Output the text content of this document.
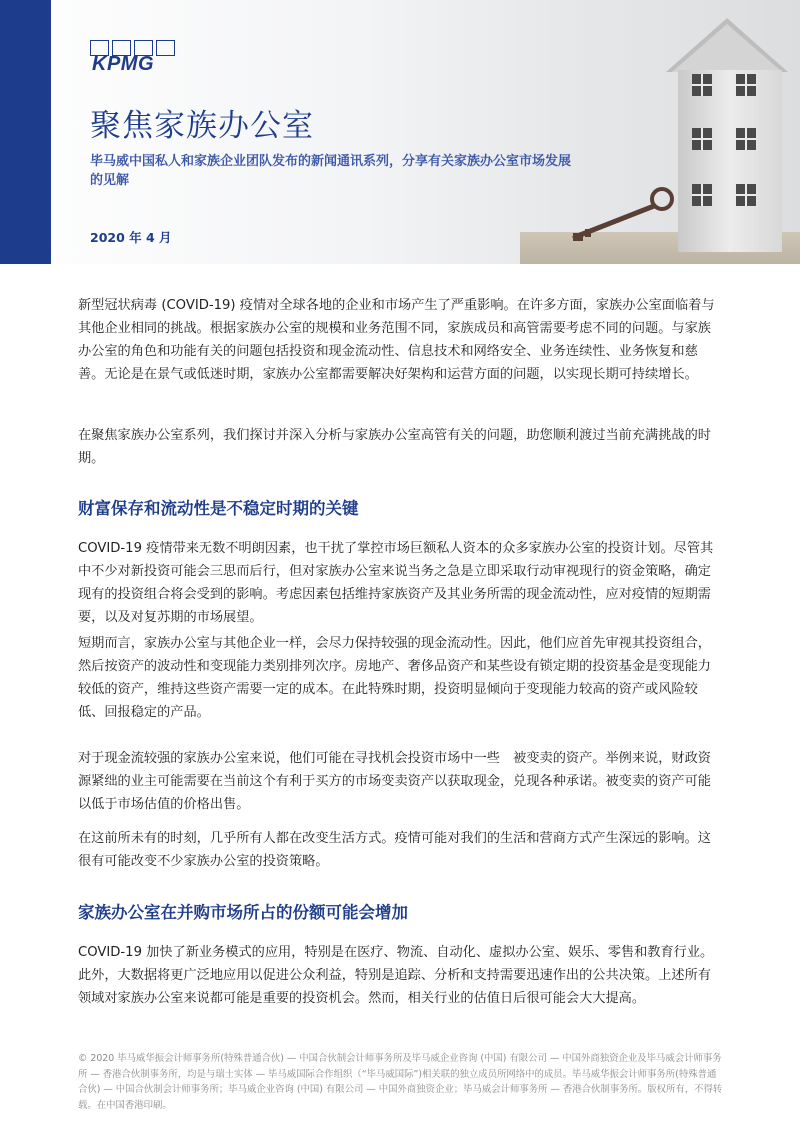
KPMG
聚焦家族办公室
毕马威中国私人和家族企业团队发布的新闻通讯系列，分享有关家族办公室市场发展的见解
2020 年 4 月

新型冠状病毒 (COVID-19) 疫情对全球各地的企业和市场产生了严重影响。在许多方面，家族办公室面临着与其他企业相同的挑战。根据家族办公室的规模和业务范围不同，家族成员和高管需要考虑不同的问题。与家族办公室的角色和功能有关的问题包括投资和现金流动性、信息技术和网络安全、业务连续性、业务恢复和慈善。无论是在景气或低迷时期，家族办公室都需要解决好架构和运营方面的问题，以实现长期可持续增长。

在聚焦家族办公室系列，我们探讨并深入分析与家族办公室高管有关的问题，助您顺利渡过当前充满挑战的时期。

财富保存和流动性是不稳定时期的关键

COVID-19 疫情带来无数不明朗因素，也干扰了掌控市场巨额私人资本的众多家族办公室的投资计划。尽管其中不少对新投资可能会三思而后行，但对家族办公室来说当务之急是立即采取行动审视现行的资金策略，确定现有的投资组合将会受到的影响。考虑因素包括维持家族资产及其业务所需的现金流动性，应对疫情的短期需要，以及对复苏期的市场展望。

短期而言，家族办公室与其他企业一样，会尽力保持较强的现金流动性。因此，他们应首先审视其投资组合，然后按资产的波动性和变现能力类别排列次序。房地产、奢侈品资产和某些设有锁定期的投资基金是变现能力较低的资产，维持这些资产需要一定的成本。在此特殊时期，投资明显倾向于变现能力较高的资产或风险较低、回报稳定的产品。

对于现金流较强的家族办公室来说，他们可能在寻找机会投资市场中一些　被变卖的资产。举例来说，财政资源紧绌的业主可能需要在当前这个有利于买方的市场变卖资产以获取现金，兑现各种承诺。被变卖的资产可能以低于市场估值的价格出售。

在这前所未有的时刻，几乎所有人都在改变生活方式。疫情可能对我们的生活和营商方式产生深远的影响。这很有可能改变不少家族办公室的投资策略。

家族办公室在并购市场所占的份额可能会增加

COVID-19 加快了新业务模式的应用，特别是在医疗、物流、自动化、虚拟办公室、娱乐、零售和教育行业。此外，大数据将更广泛地应用以促进公众利益，特别是追踪、分析和支持需要迅速作出的公共决策。上述所有领域对家族办公室来说都可能是重要的投资机会。然而，相关行业的估值日后很可能会大大提高。

© 2020 毕马威华振会计师事务所(特殊普通合伙) — 中国合伙制会计师事务所及毕马威企业咨询 (中国) 有限公司 — 中国外商独资企业及毕马威会计师事务所 — 香港合伙制事务所，均是与瑞士实体 — 毕马威国际合作组织（“毕马威国际”)相关联的独立成员所网络中的成员。毕马威华振会计师事务所(特殊普通合伙) — 中国合伙制会计师事务所；毕马威企业咨询 (中国) 有限公司 — 中国外商独资企业；毕马威会计师事务所 — 香港合伙制事务所。版权所有，不得转载。在中国香港印刷。
